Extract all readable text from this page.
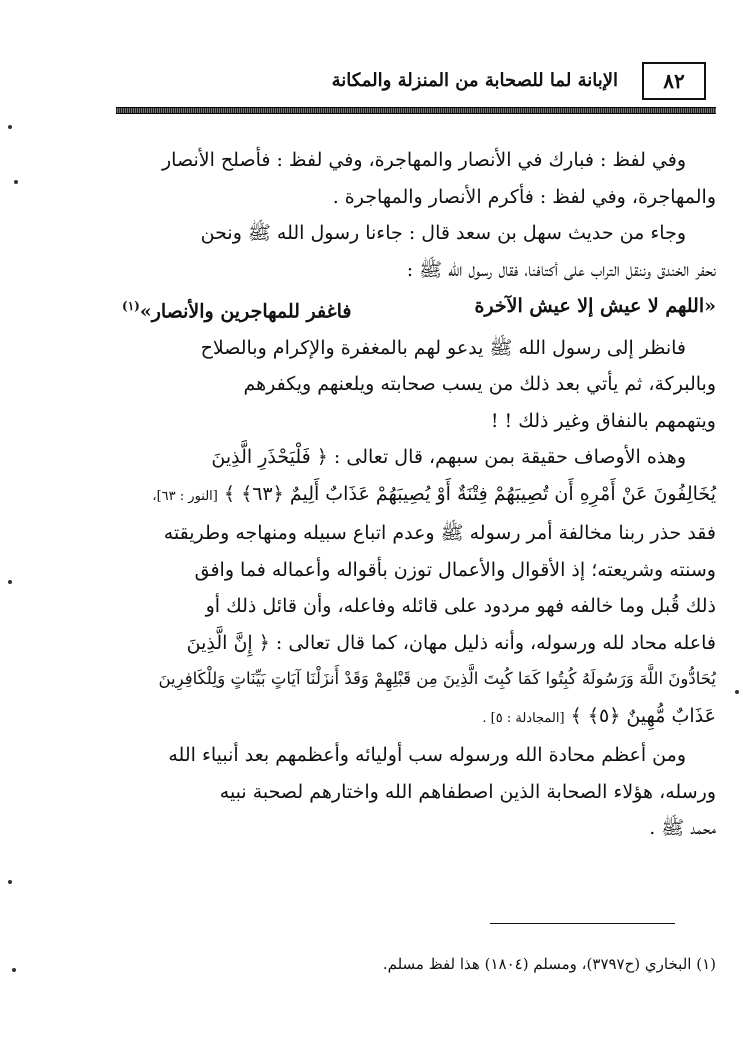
٨٢
الإبانة لما للصحابة من المنزلة والمكانة

وفي لفظ : فبارك في الأنصار والمهاجرة، وفي لفظ : فأصلح الأنصار

والمهاجرة، وفي لفظ : فأكرم الأنصار والمهاجرة .

وجاء من حديث سهل بن سعد قال : جاءنا رسول الله ﷺ ونحن

نحفر الخندق وننقل التراب على أكتافنا، فقال رسول الله ﷺ :

«اللهم لا عيش إلا عيش الآخرة
فاغفر للمهاجرين والأنصار»$^{(١)}$

فانظر إلى رسول الله ﷺ يدعو لهم بالمغفرة والإكرام وبالصلاح

وبالبركة، ثم يأتي بعد ذلك من يسب صحابته ويلعنهم ويكفرهم

ويتهمهم بالنفاق وغير ذلك ! !

وهذه الأوصاف حقيقة بمن سبهم، قال تعالى : ﴿ فَلْيَحْذَرِ الَّذِينَ

يُخَالِفُونَ عَنْ أَمْرِهِ أَن تُصِيبَهُمْ فِتْنَةٌ أَوْ يُصِيبَهُمْ عَذَابٌ أَلِيمٌ ﴿٦٣﴾ ﴾ [النور : ٦٣]،

فقد حذر ربنا مخالفة أمر رسوله ﷺ وعدم اتباع سبيله ومنهاجه وطريقته

وسنته وشريعته؛ إذ الأقوال والأعمال توزن بأقواله وأعماله فما وافق

ذلك قُبل وما خالفه فهو مردود على قائله وفاعله، وأن قائل ذلك أو

فاعله محاد لله ورسوله، وأنه ذليل مهان، كما قال تعالى : ﴿ إِنَّ الَّذِينَ

يُحَادُّونَ اللَّهَ وَرَسُولَهُ كُبِتُوا كَمَا كُبِتَ الَّذِينَ مِن قَبْلِهِمْ وَقَدْ أَنزَلْنَا آيَاتٍ بَيِّنَاتٍ وَلِلْكَافِرِينَ

عَذَابٌ مُّهِينٌ ﴿٥﴾ ﴾ [المجادلة : ٥] .

ومن أعظم محادة الله ورسوله سب أوليائه وأعظمهم بعد أنبياء الله

ورسله، هؤلاء الصحابة الذين اصطفاهم الله واختارهم لصحبة نبيه

محمد ﷺ .

(١) البخاري (ح٣٧٩٧)، ومسلم (١٨٠٤) هذا لفظ مسلم.
